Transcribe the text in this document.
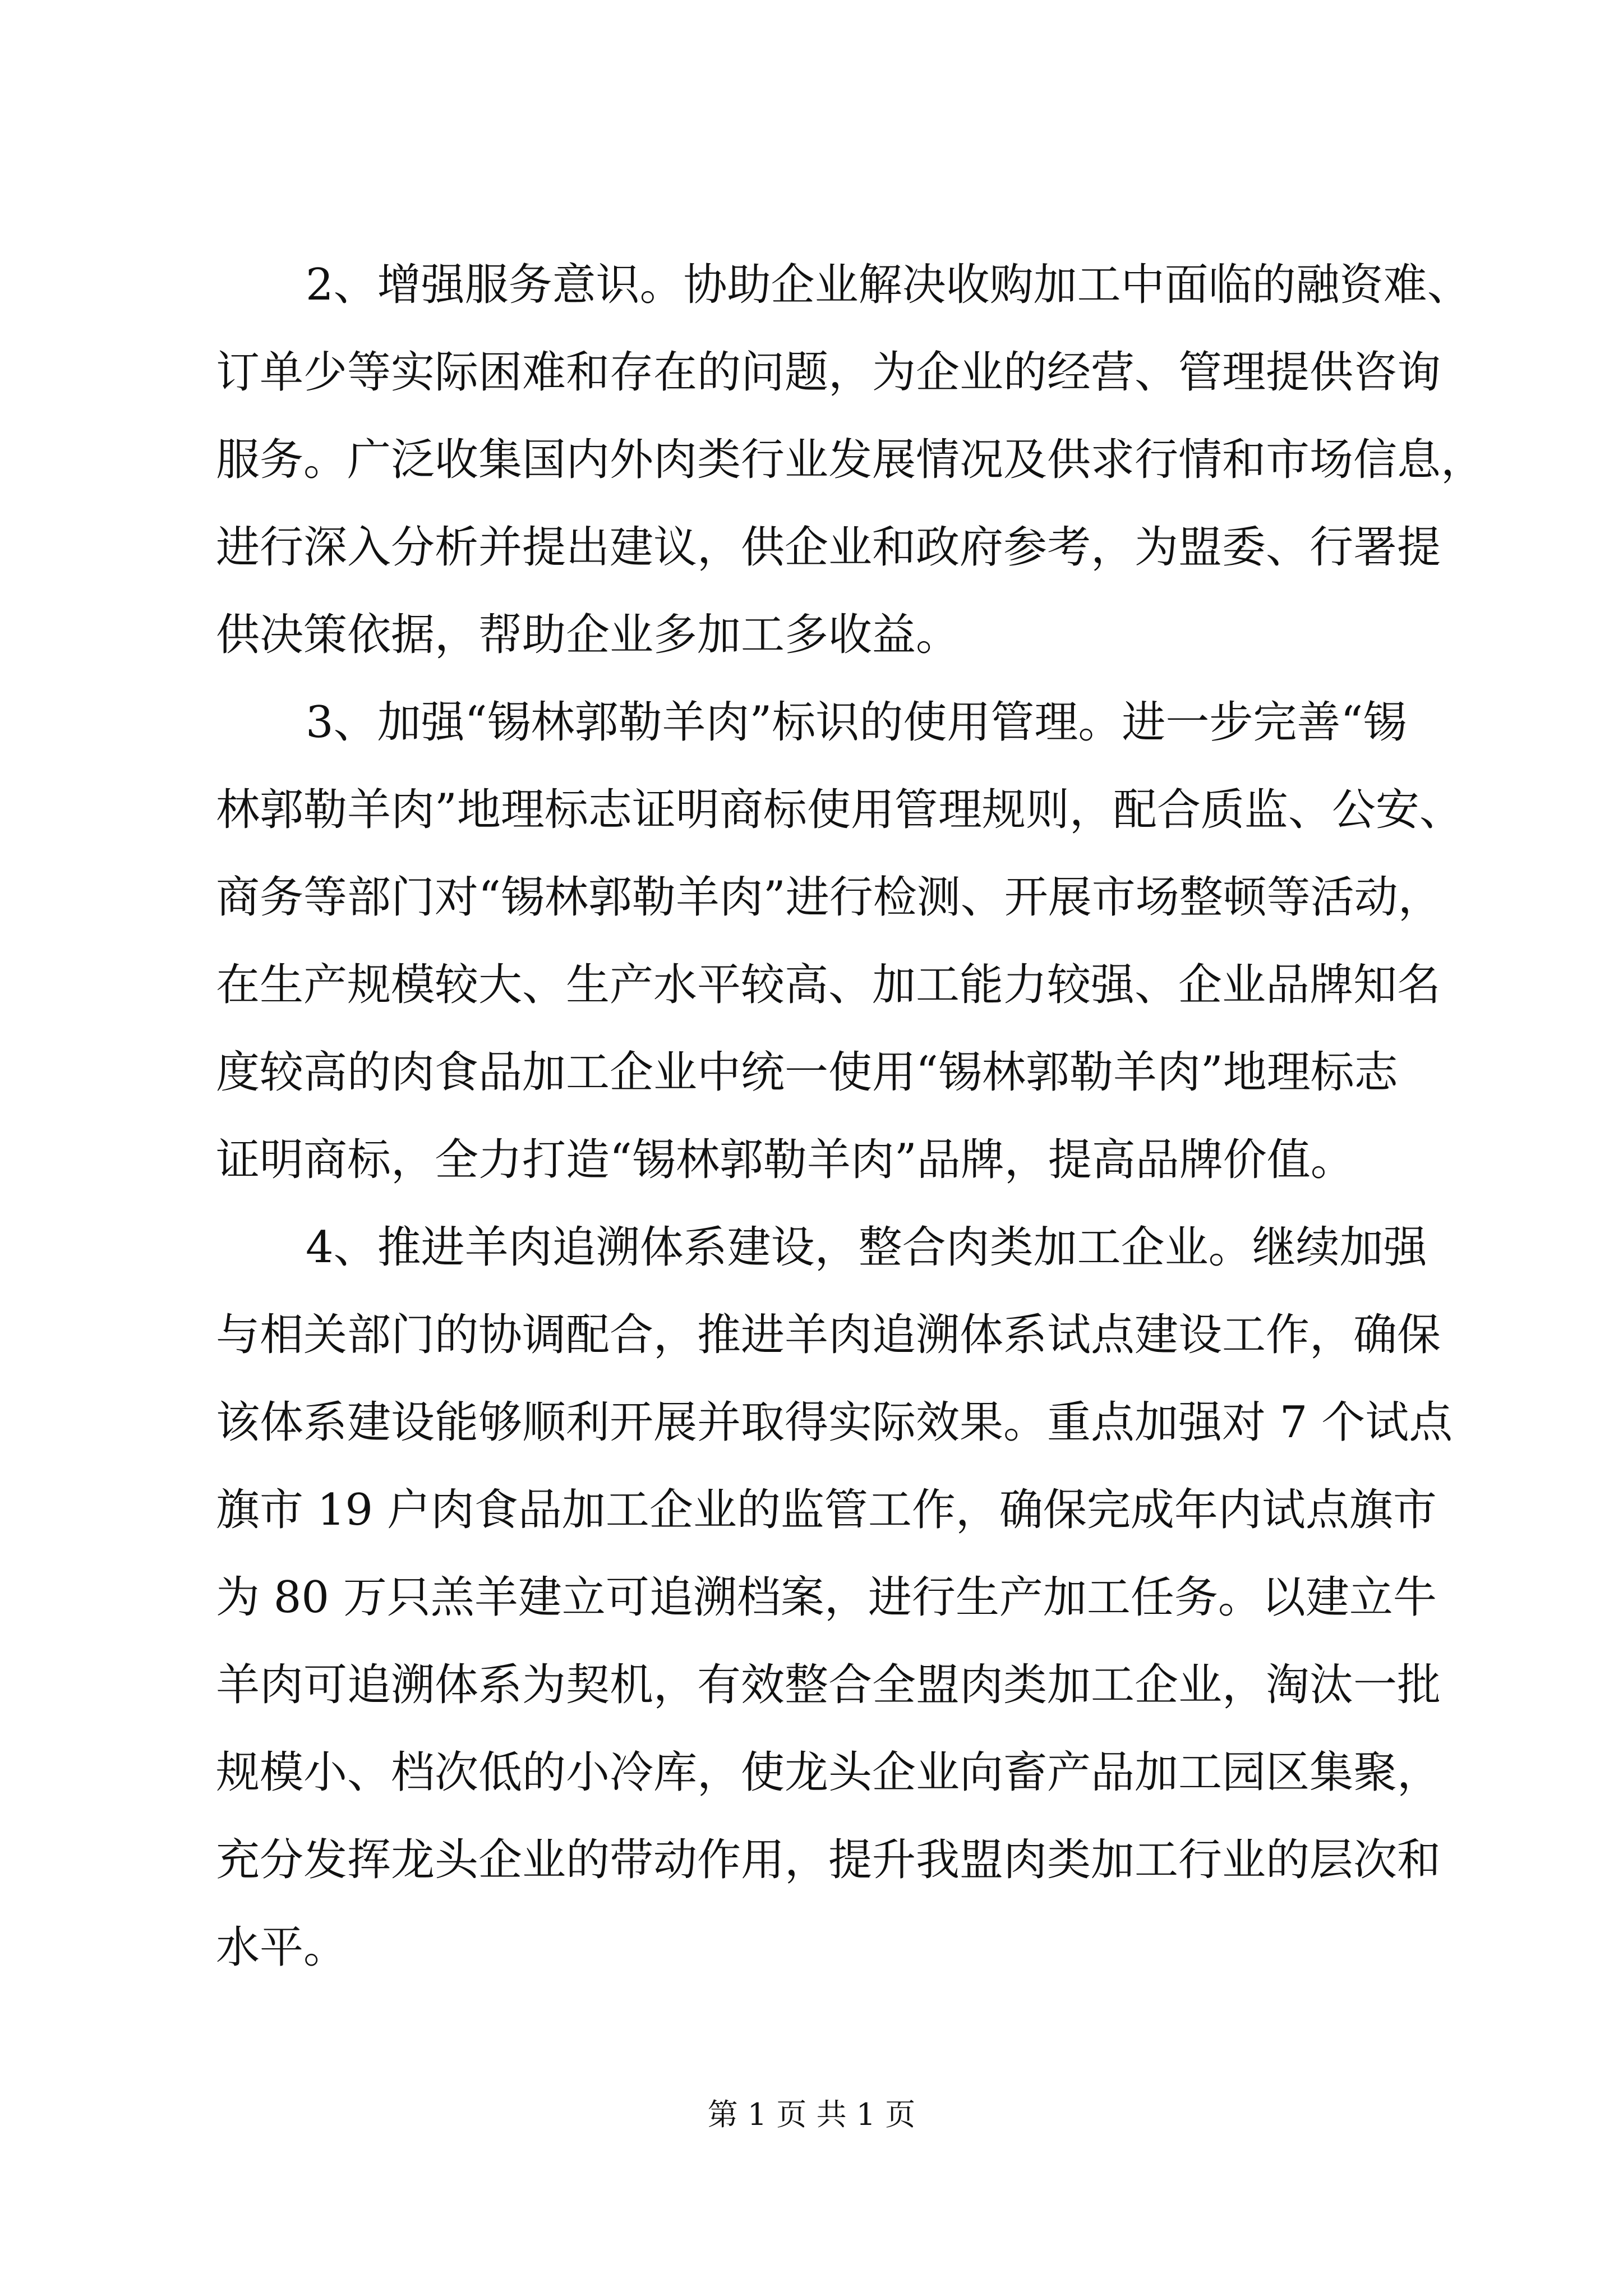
2、增强服务意识。协助企业解决收购加工中面临的融资难、
订单少等实际困难和存在的问题，为企业的经营、管理提供咨询
服务。广泛收集国内外肉类行业发展情况及供求行情和市场信息，
进行深入分析并提出建议，供企业和政府参考，为盟委、行署提
供决策依据，帮助企业多加工多收益。
3、加强“锡林郭勒羊肉”标识的使用管理。进一步完善“锡
林郭勒羊肉”地理标志证明商标使用管理规则，配合质监、公安、
商务等部门对“锡林郭勒羊肉”进行检测、开展市场整顿等活动，
在生产规模较大、生产水平较高、加工能力较强、企业品牌知名
度较高的肉食品加工企业中统一使用“锡林郭勒羊肉”地理标志
证明商标，全力打造“锡林郭勒羊肉”品牌，提高品牌价值。
4、推进羊肉追溯体系建设，整合肉类加工企业。继续加强
与相关部门的协调配合，推进羊肉追溯体系试点建设工作，确保
该体系建设能够顺利开展并取得实际效果。重点加强对 7 个试点
旗市 19 户肉食品加工企业的监管工作，确保完成年内试点旗市
为 80 万只羔羊建立可追溯档案，进行生产加工任务。以建立牛
羊肉可追溯体系为契机，有效整合全盟肉类加工企业，淘汰一批
规模小、档次低的小冷库，使龙头企业向畜产品加工园区集聚，
充分发挥龙头企业的带动作用，提升我盟肉类加工行业的层次和
水平。
第 1 页 共 1 页
